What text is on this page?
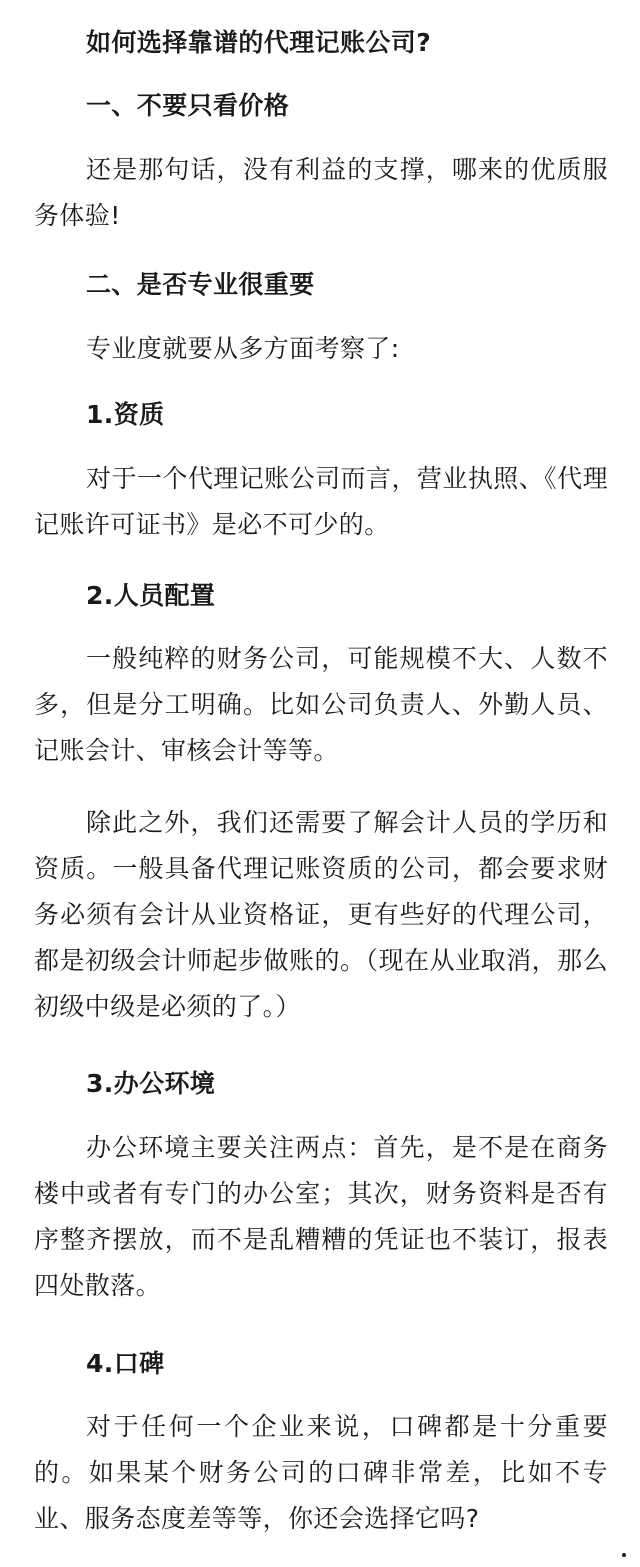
如何选择靠谱的代理记账公司?

一、不要只看价格

还是那句话，没有利益的支撑，哪来的优质服务体验!

二、是否专业很重要

专业度就要从多方面考察了:

1.资质

对于一个代理记账公司而言，营业执照、《代理记账许可证书》是必不可少的。

2.人员配置

一般纯粹的财务公司，可能规模不大、人数不多，但是分工明确。比如公司负责人、外勤人员、记账会计、审核会计等等。

除此之外，我们还需要了解会计人员的学历和资质。一般具备代理记账资质的公司，都会要求财务必须有会计从业资格证，更有些好的代理公司，都是初级会计师起步做账的。（现在从业取消，那么初级中级是必须的了。）

3.办公环境

办公环境主要关注两点：首先，是不是在商务楼中或者有专门的办公室；其次，财务资料是否有序整齐摆放，而不是乱糟糟的凭证也不装订，报表四处散落。

4.口碑

对于任何一个企业来说，口碑都是十分重要的。如果某个财务公司的口碑非常差，比如不专业、服务态度差等等，你还会选择它吗?
